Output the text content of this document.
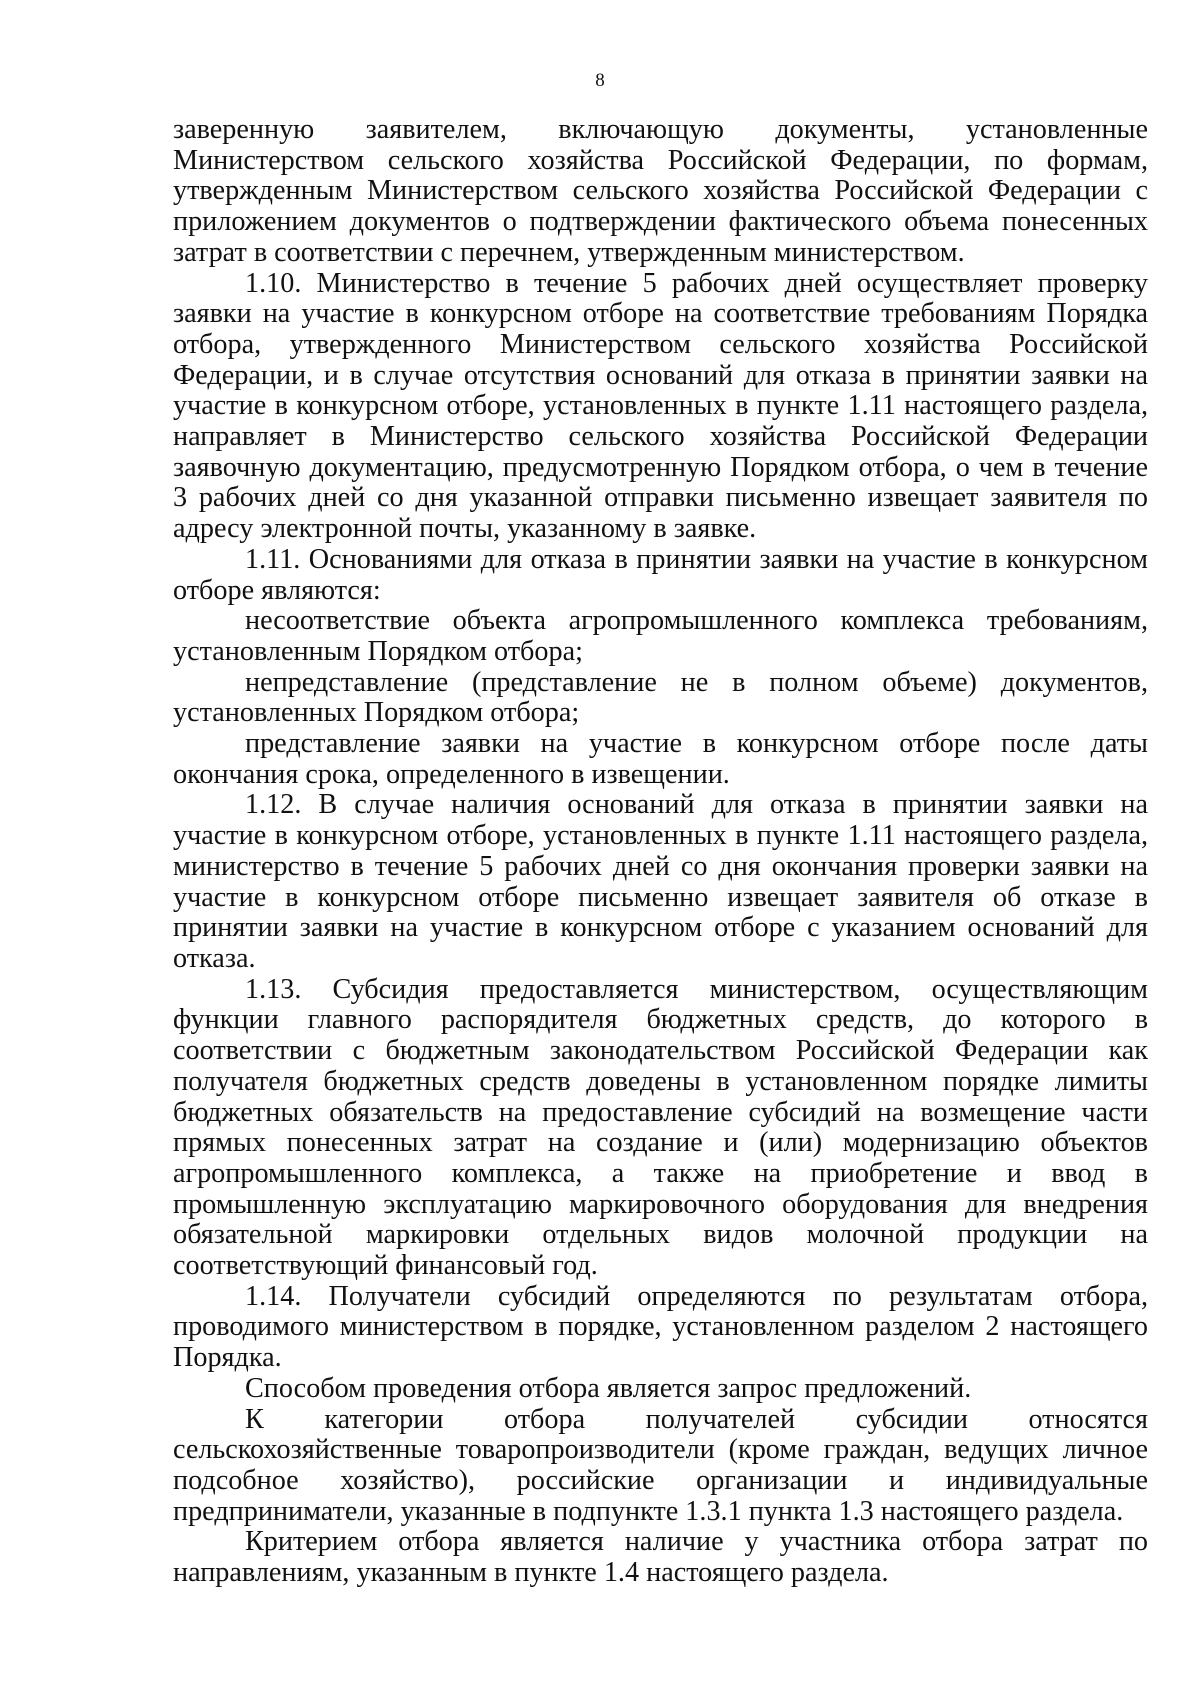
8

заверенную заявителем, включающую документы, установленные Министерством сельского хозяйства Российской Федерации, по формам, утвержденным Министерством сельского хозяйства Российской Федерации с приложением документов о подтверждении фактического объема понесенных затрат в соответствии с перечнем, утвержденным министерством.

1.10. Министерство в течение 5 рабочих дней осуществляет проверку заявки на участие в конкурсном отборе на соответствие требованиям Порядка отбора, утвержденного Министерством сельского хозяйства Российской Федерации, и в случае отсутствия оснований для отказа в принятии заявки на участие в конкурсном отборе, установленных в пункте 1.11 настоящего раздела, направляет в Министерство сельского хозяйства Российской Федерации заявочную документацию, предусмотренную Порядком отбора, о чем в течение 3 рабочих дней со дня указанной отправки письменно извещает заявителя по адресу электронной почты, указанному в заявке.

1.11. Основаниями для отказа в принятии заявки на участие в конкурсном отборе являются:

несоответствие объекта агропромышленного комплекса требованиям, установленным Порядком отбора;

непредставление (представление не в полном объеме) документов, установленных Порядком отбора;

представление заявки на участие в конкурсном отборе после даты окончания срока, определенного в извещении.

1.12. В случае наличия оснований для отказа в принятии заявки на участие в конкурсном отборе, установленных в пункте 1.11 настоящего раздела, министерство в течение 5 рабочих дней со дня окончания проверки заявки на участие в конкурсном отборе письменно извещает заявителя об отказе в принятии заявки на участие в конкурсном отборе с указанием оснований для отказа.

1.13. Субсидия предоставляется министерством, осуществляющим функции главного распорядителя бюджетных средств, до которого в соответствии с бюджетным законодательством Российской Федерации как получателя бюджетных средств доведены в установленном порядке лимиты бюджетных обязательств на предоставление субсидий на возмещение части прямых понесенных затрат на создание и (или) модернизацию объектов агропромышленного комплекса, а также на приобретение и ввод в промышленную эксплуатацию маркировочного оборудования для внедрения обязательной маркировки отдельных видов молочной продукции на соответствующий финансовый год.

1.14. Получатели субсидий определяются по результатам отбора, проводимого министерством в порядке, установленном разделом 2 настоящего Порядка.

Способом проведения отбора является запрос предложений.

К категории отбора получателей субсидии относятся сельскохозяйственные товаропроизводители (кроме граждан, ведущих личное подсобное хозяйство), российские организации и индивидуальные предприниматели, указанные в подпункте 1.3.1 пункта 1.3 настоящего раздела.

Критерием отбора является наличие у участника отбора затрат по направлениям, указанным в пункте 1.4 настоящего раздела.
